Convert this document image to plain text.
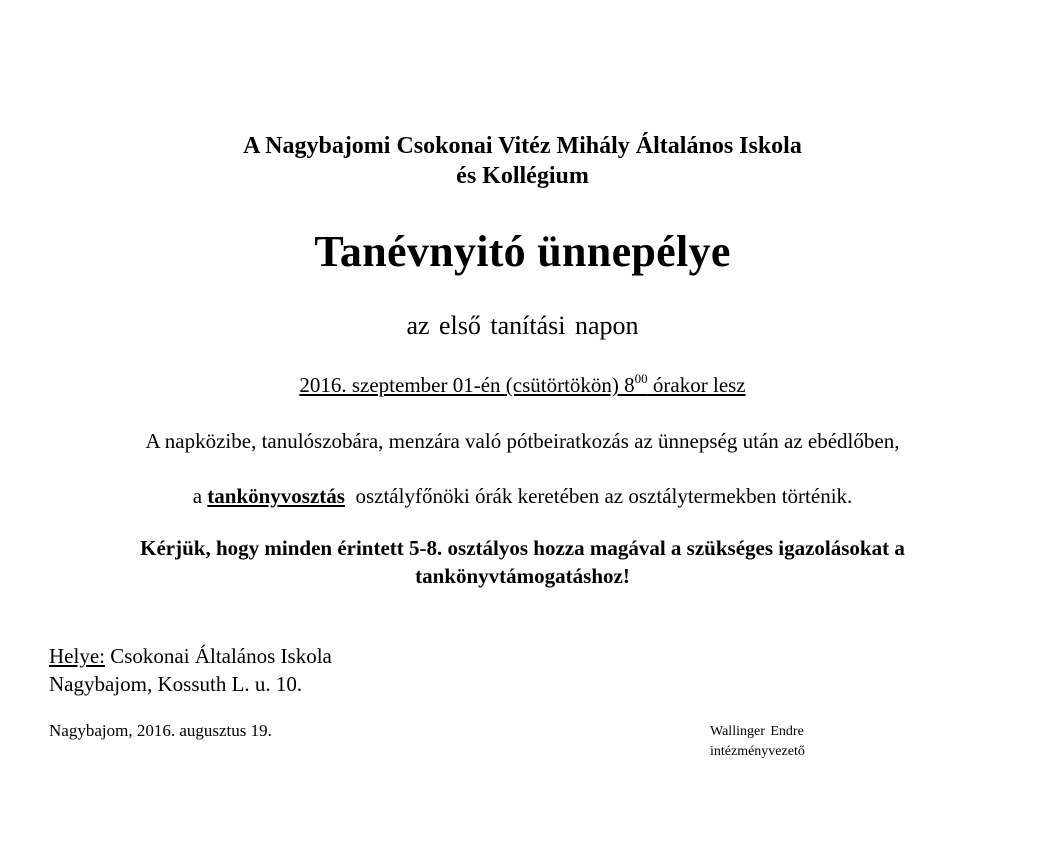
A Nagybajomi Csokonai Vitéz Mihály Általános Iskola
és Kollégium
Tanévnyitó ünnepélye
az első tanítási napon
2016. szeptember 01-én (csütörtökön) $8^{00}$ órakor lesz
A napközibe, tanulószobára, menzára való pótbeiratkozás az ünnepség után az ebédlőben,
a tankönyvosztás  osztályfőnöki órák keretében az osztálytermekben történik.
Kérjük, hogy minden érintett 5-8. osztályos hozza magával a szükséges igazolásokat a
tankönyvtámogatáshoz!
Helye: Csokonai Általános Iskola
Nagybajom, Kossuth L. u. 10.
Nagybajom, 2016. augusztus 19.	Wallinger Endre
intézményvezető
